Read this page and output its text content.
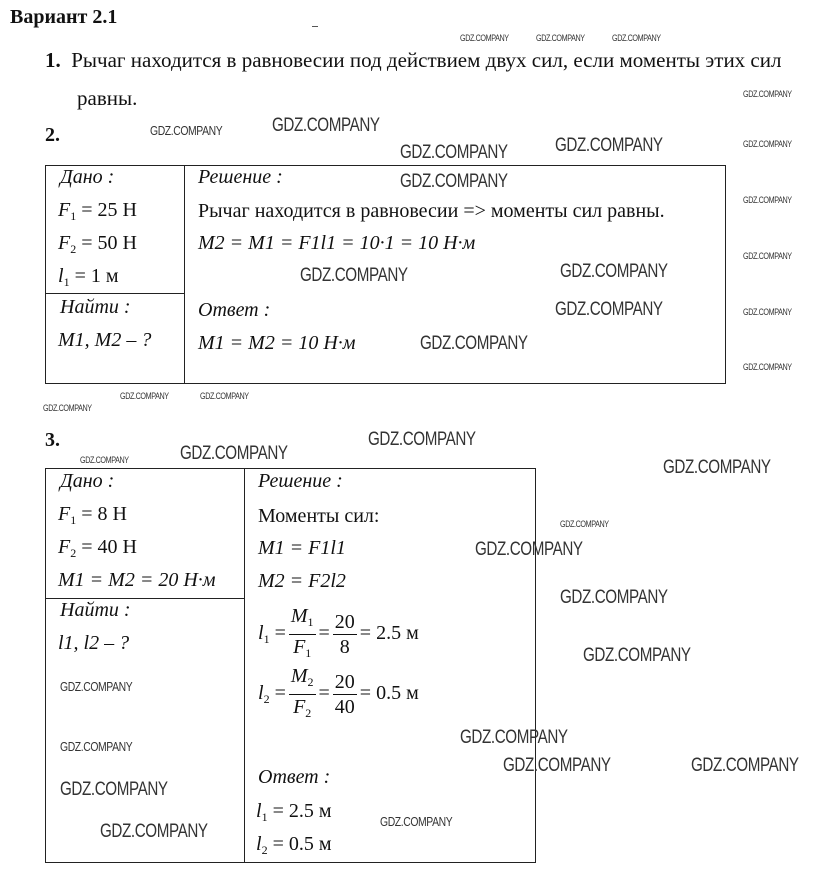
Вариант 2.1
1. Рычаг находится в равновесии под действием двух сил, если моменты этих сил
равны.
2.
Дано :
$F_1 = 25$ Н
$F_2 = 50$ Н
$l_1 = 1$ м
Найти :
M1, M2 – ?
Решение :
Рычаг находится в равновесии => моменты сил равны.
M2 = M1 = F1l1 = 10·1 = 10 Н·м
Ответ :
M1 = M2 = 10 Н·м
3.
Дано :
$F_1 = 8$ Н
$F_2 = 40$ Н
M1 = M2 = 20 Н·м
Найти :
l1, l2 – ?
Решение :
Моменты сил:
M1 = F1l1
M2 = F2l2
$l_1 = \frac{M_1}{F_1} = \frac{20}{8} = 2.5$ м
$l_2 = \frac{M_2}{F_2} = \frac{20}{40} = 0.5$ м
Ответ :
$l_1 = 2.5$ м
$l_2 = 0.5$ м
GDZ.COMPANY
GDZ.COMPANY	GDZ.COMPANY	GDZ.COMPANY
GDZ.COMPANY
GDZ.COMPANY
GDZ.COMPANY	GDZ.COMPANY
GDZ.COMPANY
GDZ.COMPANY
GDZ.COMPANY
GDZ.COMPANY
GDZ.COMPANY
GDZ.COMPANY
GDZ.COMPANY
GDZ.COMPANY
GDZ.COMPANY
GDZ.COMPANY
GDZ.COMPANY
GDZ.COMPANY
GDZ.COMPANY
GDZ.COMPANY
GDZ.COMPANY
GDZ.COMPANY	GDZ.COMPANY
GDZ.COMPANY
GDZ.COMPANY
GDZ.COMPANY
GDZ.COMPANY
GDZ.COMPANY
GDZ.COMPANY
GDZ.COMPANY
GDZ.COMPANY
GDZ.COMPANY	GDZ.COMPANY
GDZ.COMPANY
GDZ.COMPANY
